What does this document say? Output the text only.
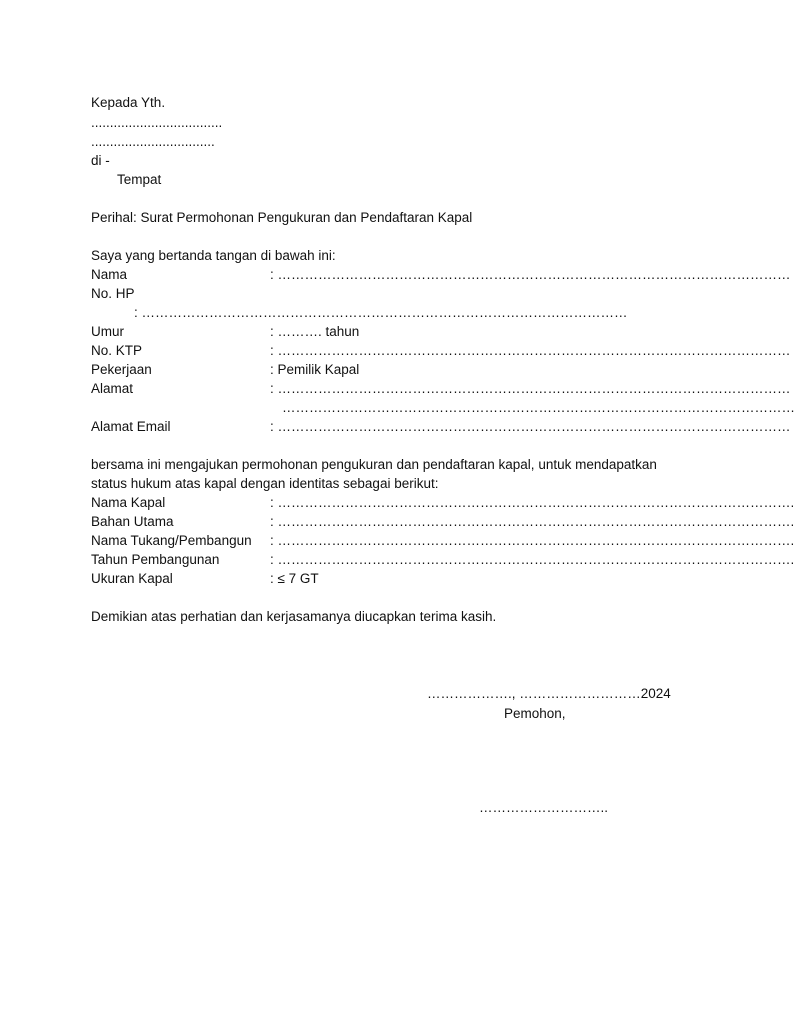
Kepada Yth.
...................................
.................................
di -
Tempat
Perihal: Surat Permohonan Pengukuran dan Pendaftaran Kapal
Saya yang bertanda tangan di bawah ini:
Nama	: ……………………………………………………………………………………………………
No. HP
: ………………………………………………………………………………………………
Umur	: ………. tahun
No. KTP	: ……………………………………………………………………………………………………
Pekerjaan	: Pemilik Kapal
Alamat	: ……………………………………………………………………………………………………
……………………………………………………………………………………………………
Alamat Email	: ……………………………………………………………………………………………………
bersama ini mengajukan permohonan pengukuran dan pendaftaran kapal, untuk mendapatkan
status hukum atas kapal dengan identitas sebagai berikut:
Nama Kapal	: …………………………………………………………………………………………………….
Bahan Utama	: …………………………………………………………………………………………………….
Nama Tukang/Pembangun : …………………………………………………………………………………………………….
Tahun Pembangunan	: …………………………………………………………………………………………………….
Ukuran Kapal	: ≤ 7 GT
Demikian atas perhatian dan kerjasamanya diucapkan terima kasih.
………………., ………………………2024
Pemohon,
………………………..
